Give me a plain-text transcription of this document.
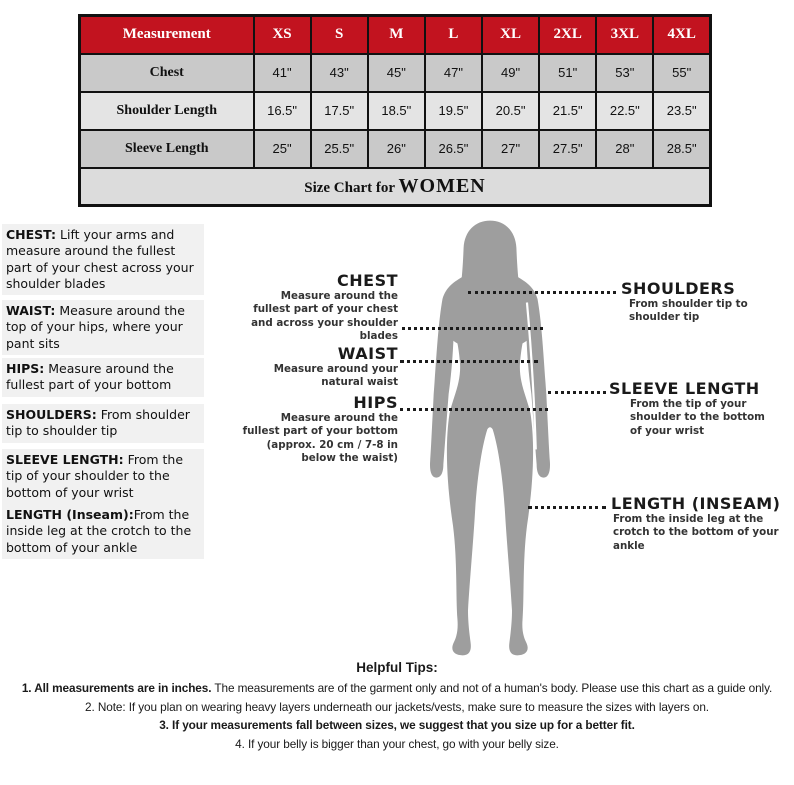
Measurement	XS	S	M	L	XL	2XL	3XL	4XL
Chest	41"	43"	45"	47"	49"	51"	53"	55"
Shoulder Length	16.5"	17.5"	18.5"	19.5"	20.5"	21.5"	22.5"	23.5"
Sleeve Length	25"	25.5"	26"	26.5"	27"	27.5"	28"	28.5"
Size Chart for WOMEN								
CHEST: Lift your arms and measure around the fullest part of your chest across your shoulder blades
WAIST: Measure around the top of your hips, where your pant sits
HIPS: Measure around the fullest part of your bottom
SHOULDERS: From shoulder tip to shoulder tip
SLEEVE LENGTH: From the tip of your shoulder to the bottom of your wrist
LENGTH (Inseam):From the inside leg at the crotch to the bottom of your ankle
CHEST
Measure around the fullest part of your chest and across your shoulder blades
WAIST
Measure around your natural waist
HIPS
Measure around the fullest part of your bottom (approx. 20 cm / 7-8 in below the waist)
SHOULDERS
From shoulder tip to shoulder tip
SLEEVE LENGTH
From the tip of your shoulder to the bottom of your wrist
LENGTH (INSEAM)
From the inside leg at the crotch to the bottom of your ankle
Helpful Tips:

1. All measurements are in inches. The measurements are of the garment only and not of a human's body. Please use this chart as a guide only.

2. Note: If you plan on wearing heavy layers underneath our jackets/vests, make sure to measure the sizes with layers on.

3. If your measurements fall between sizes, we suggest that you size up for a better fit.

4. If your belly is bigger than your chest, go with your belly size.
